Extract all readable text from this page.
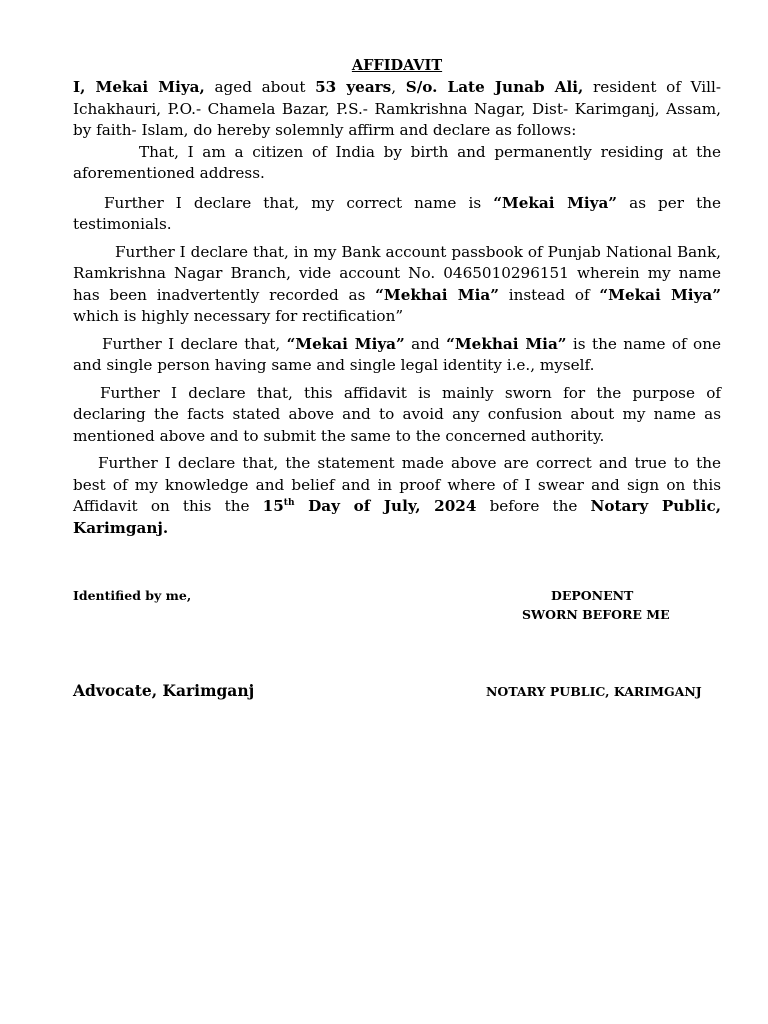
AFFIDAVIT

I, Mekai Miya, aged about 53 years, S/o. Late Junab Ali, resident of Vill- Ichakhauri, P.O.- Chamela Bazar, P.S.- Ramkrishna Nagar, Dist- Karimganj, Assam, by faith- Islam, do hereby solemnly affirm and declare as follows:

That, I am a citizen of India by birth and permanently residing at the aforementioned address.

Further I declare that, my correct name is “Mekai Miya” as per the testimonials.

Further I declare that, in my Bank account passbook of Punjab National Bank, Ramkrishna Nagar Branch, vide account No. 0465010296151 wherein my name has been inadvertently recorded as “Mekhai Mia” instead of “Mekai Miya” which is highly necessary for rectification”

Further I declare that, “Mekai Miya” and “Mekhai Mia” is the name of one and single person having same and single legal identity i.e., myself.

Further I declare that, this affidavit is mainly sworn for the purpose of declaring the facts stated above and to avoid any confusion about my name as mentioned above and to submit the same to the concerned authority.

Further I declare that, the statement made above are correct and true to the best of my knowledge and belief and in proof where of I swear and sign on this Affidavit on this the 15th Day of July, 2024 before the Notary Public, Karimganj.

Identified by me,	DEPONENT
SWORN BEFORE ME
Advocate, Karimganj	NOTARY PUBLIC, KARIMGANJ
